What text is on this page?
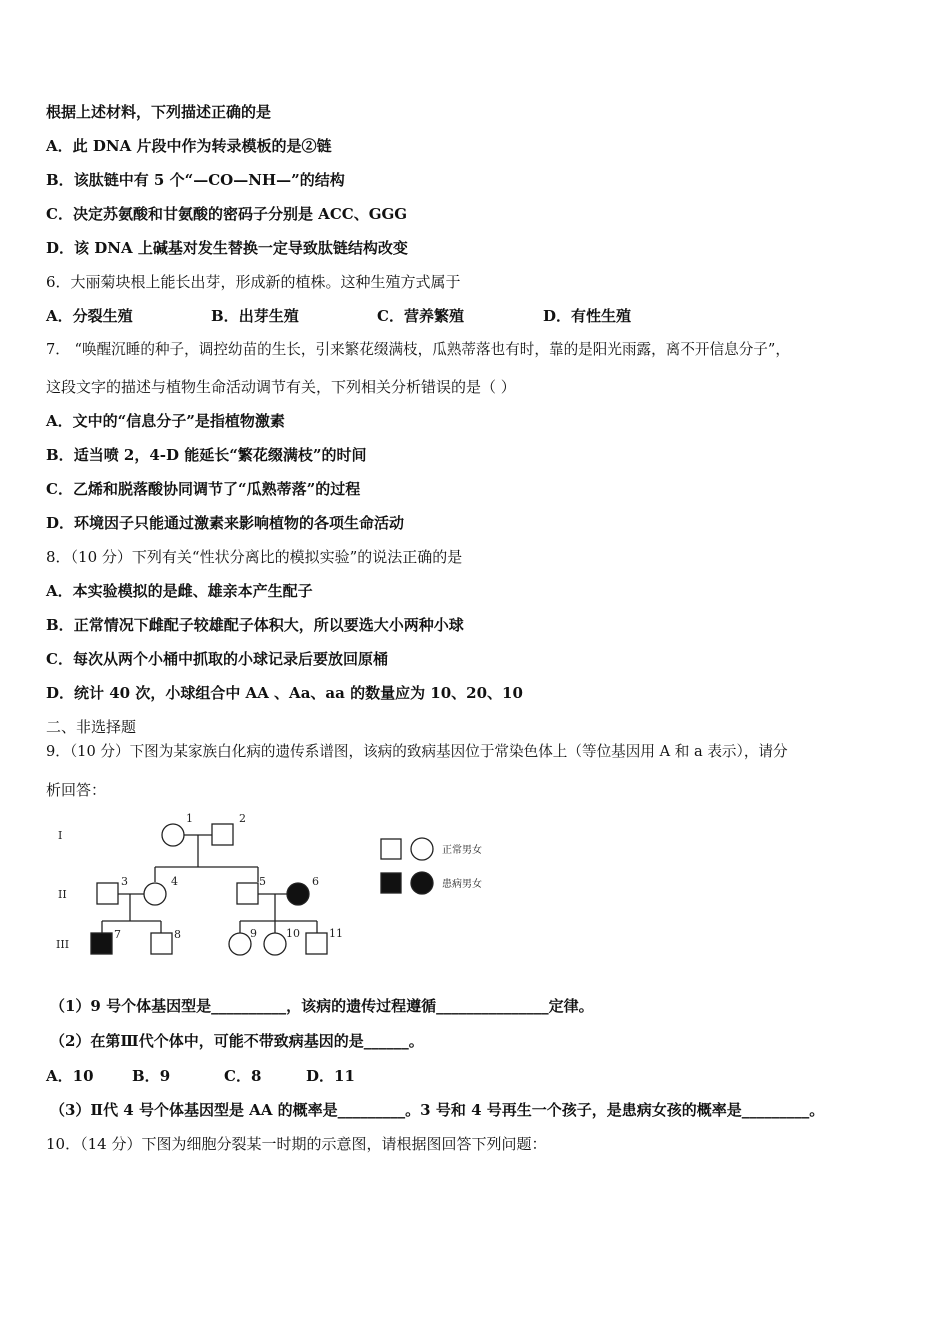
根据上述材料，下列描述正确的是
A．此 DNA 片段中作为转录模板的是②链
B．该肽链中有 5 个“—CO—NH—”的结构
C．决定苏氨酸和甘氨酸的密码子分别是 ACC、GGG
D．该 DNA 上碱基对发生替换一定导致肽链结构改变
6．大丽菊块根上能长出芽，形成新的植株。这种生殖方式属于
A．分裂生殖	B．出芽生殖	C．营养繁殖	D．有性生殖
7． “唤醒沉睡的种子，调控幼苗的生长，引来繁花缀满枝，瓜熟蒂落也有时，靠的是阳光雨露，离不开信息分子”，
这段文字的描述与植物生命活动调节有关，下列相关分析错误的是（ ）
A．文中的“信息分子”是指植物激素
B．适当喷 2，4-D 能延长“繁花缀满枝”的时间
C．乙烯和脱落酸协同调节了“瓜熟蒂落”的过程
D．环境因子只能通过激素来影响植物的各项生命活动
8．（10 分）下列有关“性状分离比的模拟实验”的说法正确的是
A．本实验模拟的是雌、雄亲本产生配子
B．正常情况下雌配子较雄配子体积大，所以要选大小两种小球
C．每次从两个小桶中抓取的小球记录后要放回原桶
D．统计 40 次，小球组合中 AA 、Aa、aa 的数量应为 10、20、10
二、非选择题
9．（10 分）下图为某家族白化病的遗传系谱图，该病的致病基因位于常染色体上（等位基因用 A 和 a 表示），请分
析回答：
I
II
III
1	2
3	4	5	6
7	8	9	10	11
正常男女
患病男女
（1）9 号个体基因型是__________，该病的遗传过程遵循_______________定律。
（2）在第Ⅲ代个体中，可能不带致病基因的是______。
A．10	B．9	C．8	D．11
（3）Ⅱ代 4 号个体基因型是 AA 的概率是_________。3 号和 4 号再生一个孩子，是患病女孩的概率是_________。
10．（14 分）下图为细胞分裂某一时期的示意图，请根据图回答下列问题：
